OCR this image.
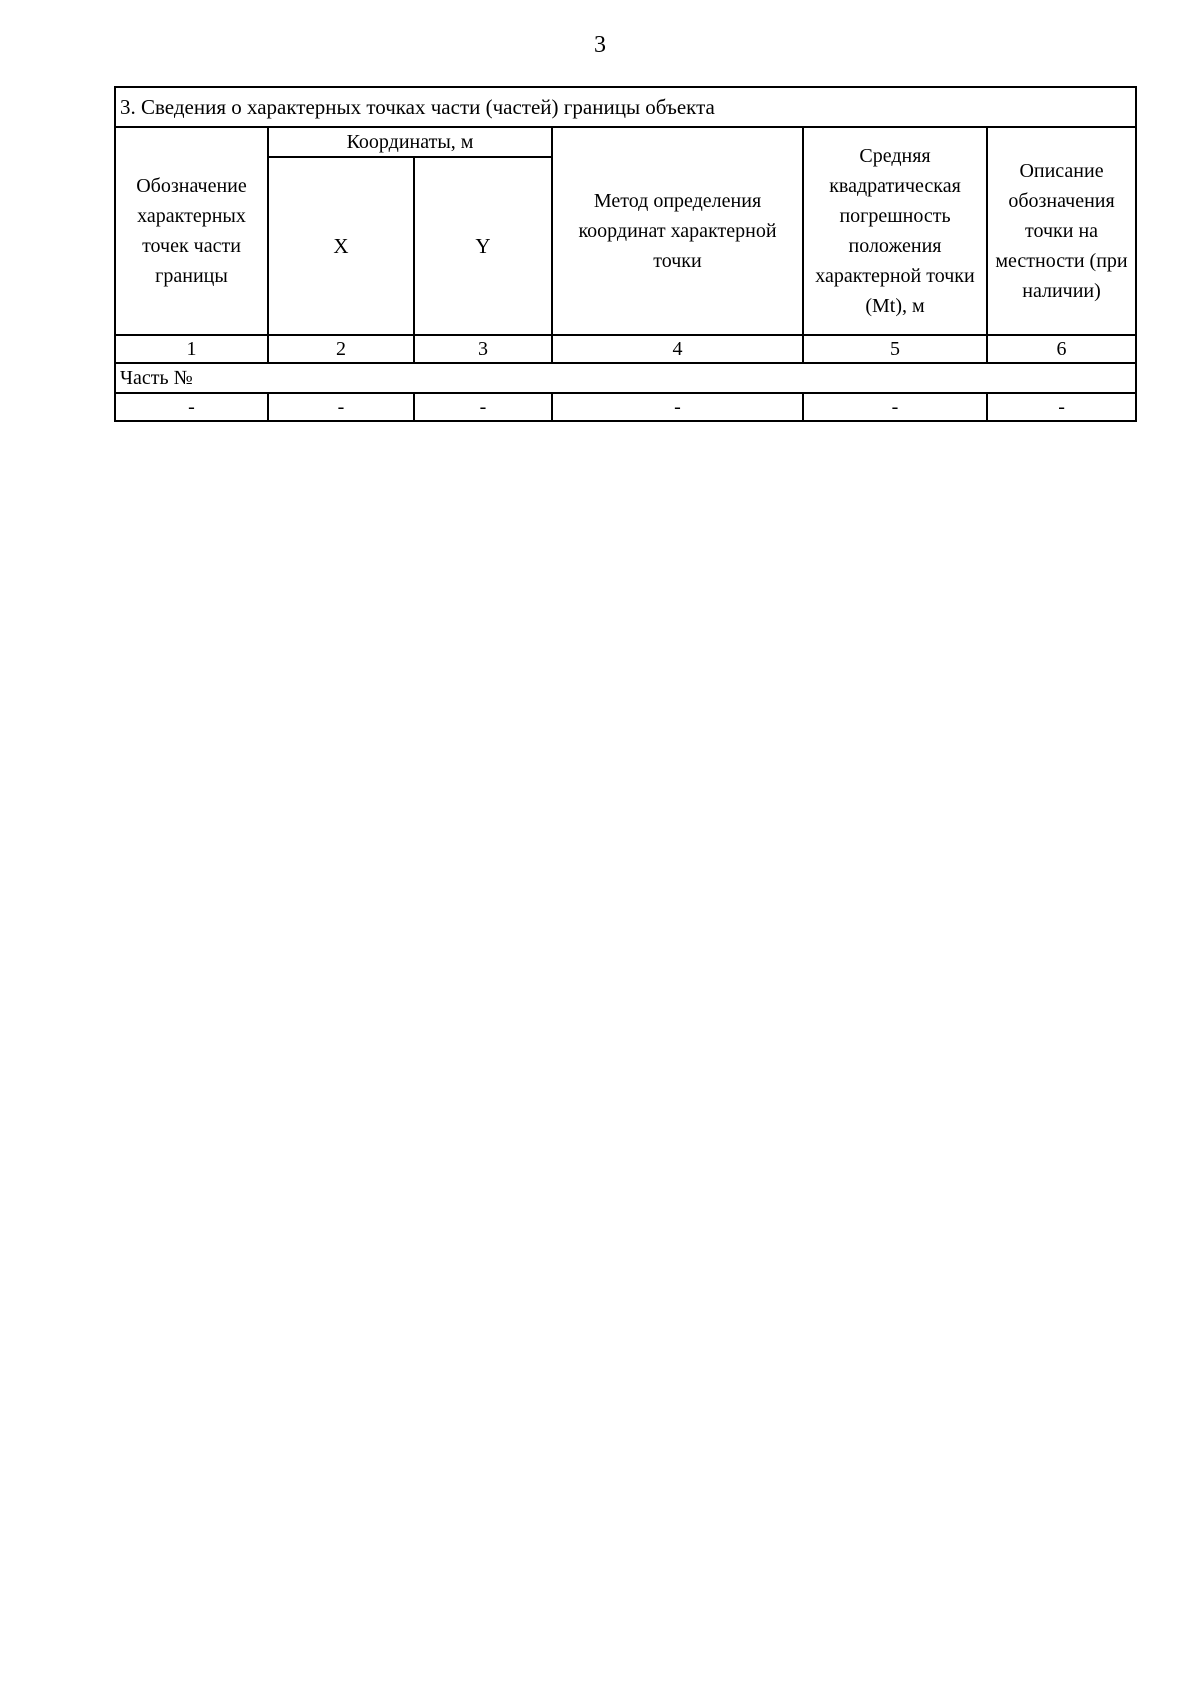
3
3. Сведения о характерных точках части (частей) границы объекта					
Обозначение характерных точек части границы	Координаты, м		Метод определения координат характерной точки	Средняя квадратическая погрешность положения характерной точки (Mt), м	Описание обозначения точки на местности (при наличии)
	X	Y			
1	2	3	4	5	6
Часть №					
-	-	-	-	-	-
